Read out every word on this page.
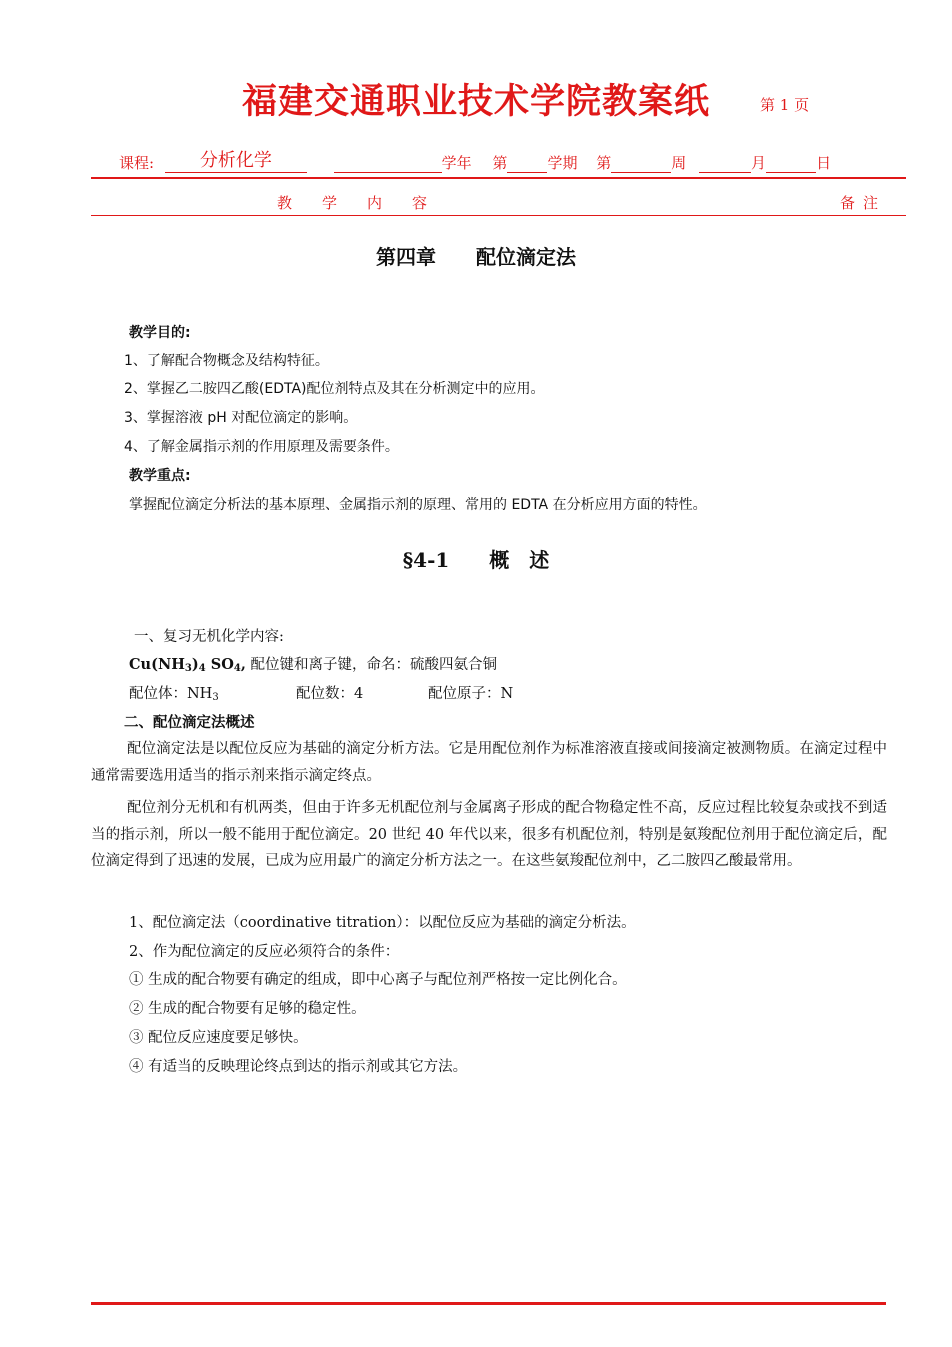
福建交通职业技术学院教案纸	第 1 页
课程:	分析化学	学年 第	学期 第	周	月	日
教　　学　　内　　容	备注
第四章　　配位滴定法
教学目的:
1、了解配合物概念及结构特征。
2、掌握乙二胺四乙酸(EDTA)配位剂特点及其在分析测定中的应用。
3、掌握溶液 pH 对配位滴定的影响。
4、了解金属指示剂的作用原理及需要条件。
教学重点:
掌握配位滴定分析法的基本原理、金属指示剂的原理、常用的 EDTA 在分析应用方面的特性。
§4-1　　概　述
一、复习无机化学内容:
$Cu(NH_3)_4$ $SO_4$, 配位键和离子键，命名：硫酸四氨合铜
配位体：$NH_3$	配位数：4	配位原子：N
二、配位滴定法概述
配位滴定法是以配位反应为基础的滴定分析方法。它是用配位剂作为标准溶液直接或间接滴定被测物质。在滴定过程中通常需要选用适当的指示剂来指示滴定终点。
配位剂分无机和有机两类，但由于许多无机配位剂与金属离子形成的配合物稳定性不高，反应过程比较复杂或找不到适当的指示剂，所以一般不能用于配位滴定。20 世纪 40 年代以来，很多有机配位剂，特别是氨羧配位剂用于配位滴定后，配位滴定得到了迅速的发展，已成为应用最广的滴定分析方法之一。在这些氨羧配位剂中，乙二胺四乙酸最常用。
1、配位滴定法（coordinative titration）：以配位反应为基础的滴定分析法。
2、作为配位滴定的反应必须符合的条件：
① 生成的配合物要有确定的组成，即中心离子与配位剂严格按一定比例化合。
② 生成的配合物要有足够的稳定性。
③ 配位反应速度要足够快。
④ 有适当的反映理论终点到达的指示剂或其它方法。
